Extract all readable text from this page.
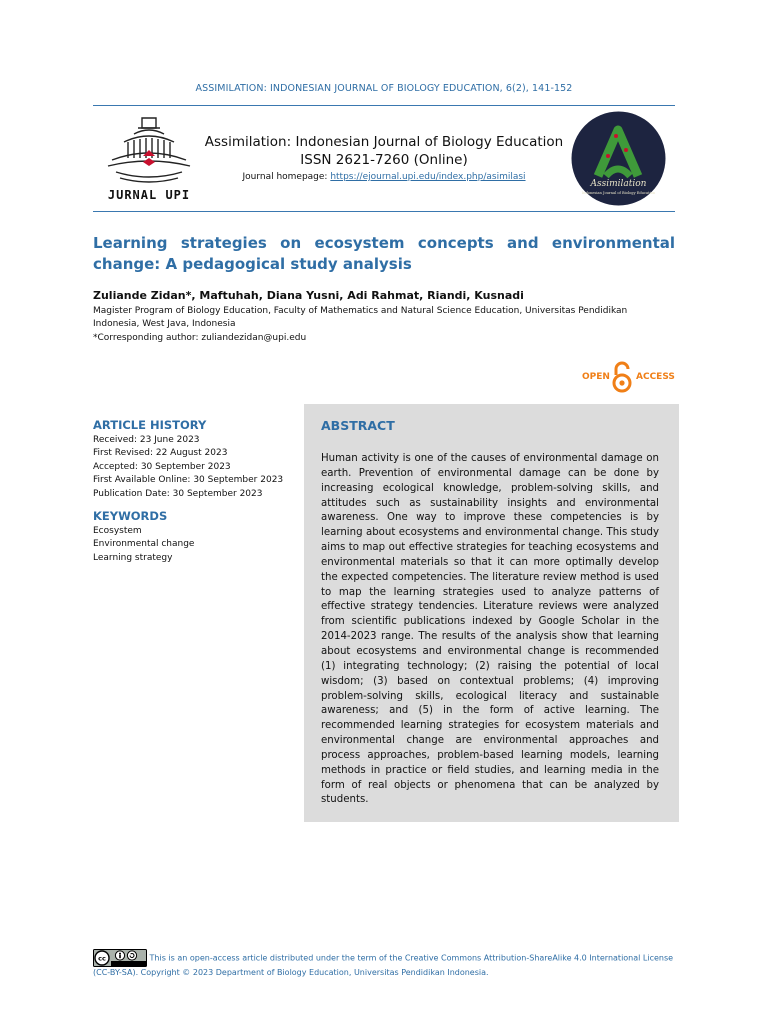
ASSIMILATION: INDONESIAN JOURNAL OF BIOLOGY EDUCATION, 6(2), 141-152
JURNAL UPI
Assimilation: Indonesian Journal of Biology Education
ISSN 2621-7260 (Online)
Journal homepage: https://ejournal.upi.edu/index.php/asimilasi
Assimilation
Indonesian Journal of Biology Education
Learning strategies on ecosystem concepts and environmental change: A pedagogical study analysis
Zuliande Zidan*, Maftuhah, Diana Yusni, Adi Rahmat, Riandi, Kusnadi
Magister Program of Biology Education, Faculty of Mathematics and Natural Science Education, Universitas Pendidikan
Indonesia, West Java, Indonesia
*Corresponding author: zuliandezidan@upi.edu
OPEN	ACCESS
ARTICLE HISTORY
Received: 23 June 2023
First Revised: 22 August 2023
Accepted: 30 September 2023
First Available Online: 30 September 2023
Publication Date: 30 September 2023
KEYWORDS
Ecosystem
Environmental change
Learning strategy
ABSTRACT
Human activity is one of the causes of environmental damage on earth. Prevention of environmental damage can be done by increasing ecological knowledge, problem-solving skills, and attitudes such as sustainability insights and environmental awareness. One way to improve these competencies is by learning about ecosystems and environmental change. This study aims to map out effective strategies for teaching ecosystems and environmental materials so that it can more optimally develop the expected competencies. The literature review method is used to map the learning strategies used to analyze patterns of effective strategy tendencies. Literature reviews were analyzed from scientific publications indexed by Google Scholar in the 2014-2023 range. The results of the analysis show that learning about ecosystems and environmental change is recommended (1) integrating technology; (2) raising the potential of local wisdom; (3) based on contextual problems; (4) improving problem-solving skills, ecological literacy and sustainable awareness; and (5) in the form of active learning. The recommended learning strategies for ecosystem materials and environmental change are environmental approaches and process approaches, problem-based learning models, learning methods in practice or field studies, and learning media in the form of real objects or phenomena that can be analyzed by students.
cc	This is an open-access article distributed under the term of the Creative Commons Attribution-ShareAlike 4.0 International License (CC-BY-SA). Copyright © 2023 Department of Biology Education, Universitas Pendidikan Indonesia.
